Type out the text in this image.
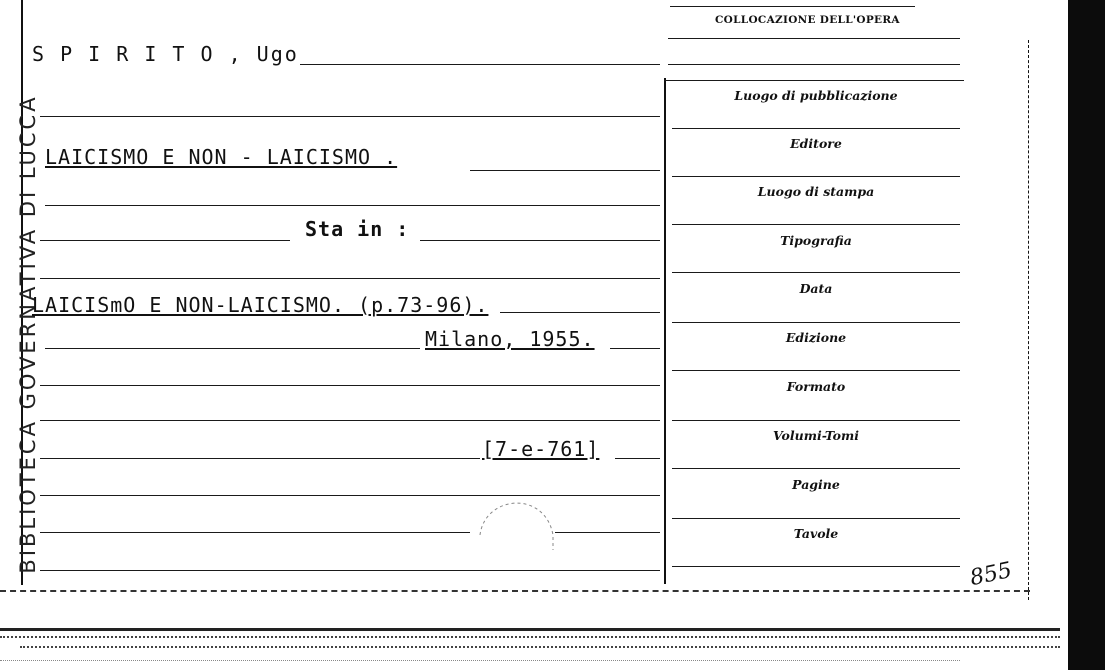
BIBLIOTECA GOVERNATIVA DI LUCCA
COLLOCAZIONE DELL'OPERA
S P I R I T O , Ugo
LAICISMO E NON - LAICISMO .
Sta in :
LAICISmO E NON-LAICISMO. (p.73-96).
Milano, 1955.
[7-e-761]
Luogo di pubblicazione
Editore
Luogo di stampa
Tipografia
Data
Edizione
Formato
Volumi-Tomi
Pagine
Tavole
855
